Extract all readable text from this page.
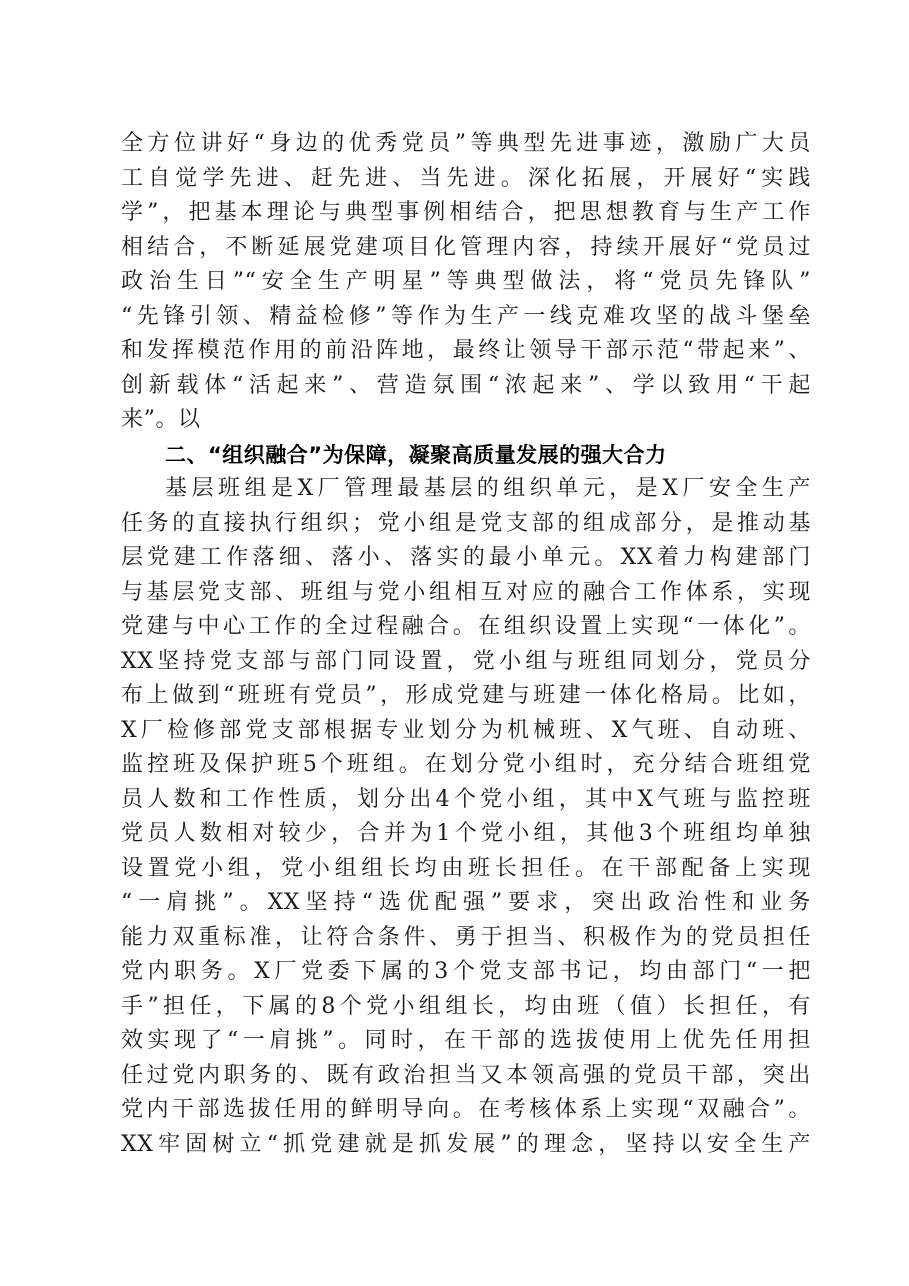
全方位讲好“身边的优秀党员”等典型先进事迹，激励广大员
工自觉学先进、赶先进、当先进。深化拓展，开展好“实践
学”，把基本理论与典型事例相结合，把思想教育与生产工作
相结合，不断延展党建项目化管理内容，持续开展好“党员过
政治生日”“安全生产明星”等典型做法，将“党员先锋队”
“先锋引领、精益检修”等作为生产一线克难攻坚的战斗堡垒
和发挥模范作用的前沿阵地，最终让领导干部示范“带起来”、
创新载体“活起来”、营造氛围“浓起来”、学以致用“干起
来”。以
二、“组织融合”为保障，凝聚高质量发展的强大合力
基层班组是X厂管理最基层的组织单元，是X厂安全生产
任务的直接执行组织；党小组是党支部的组成部分，是推动基
层党建工作落细、落小、落实的最小单元。XX着力构建部门
与基层党支部、班组与党小组相互对应的融合工作体系，实现
党建与中心工作的全过程融合。在组织设置上实现“一体化”。
XX坚持党支部与部门同设置，党小组与班组同划分，党员分
布上做到“班班有党员”，形成党建与班建一体化格局。比如，
X厂检修部党支部根据专业划分为机械班、X气班、自动班、
监控班及保护班5个班组。在划分党小组时，充分结合班组党
员人数和工作性质，划分出4个党小组，其中X气班与监控班
党员人数相对较少，合并为1个党小组，其他3个班组均单独
设置党小组，党小组组长均由班长担任。在干部配备上实现
“一肩挑”。XX坚持“选优配强”要求，突出政治性和业务
能力双重标准，让符合条件、勇于担当、积极作为的党员担任
党内职务。X厂党委下属的3个党支部书记，均由部门“一把
手”担任，下属的8个党小组组长，均由班（值）长担任，有
效实现了“一肩挑”。同时，在干部的选拔使用上优先任用担
任过党内职务的、既有政治担当又本领高强的党员干部，突出
党内干部选拔任用的鲜明导向。在考核体系上实现“双融合”。
XX牢固树立“抓党建就是抓发展”的理念，坚持以安全生产
